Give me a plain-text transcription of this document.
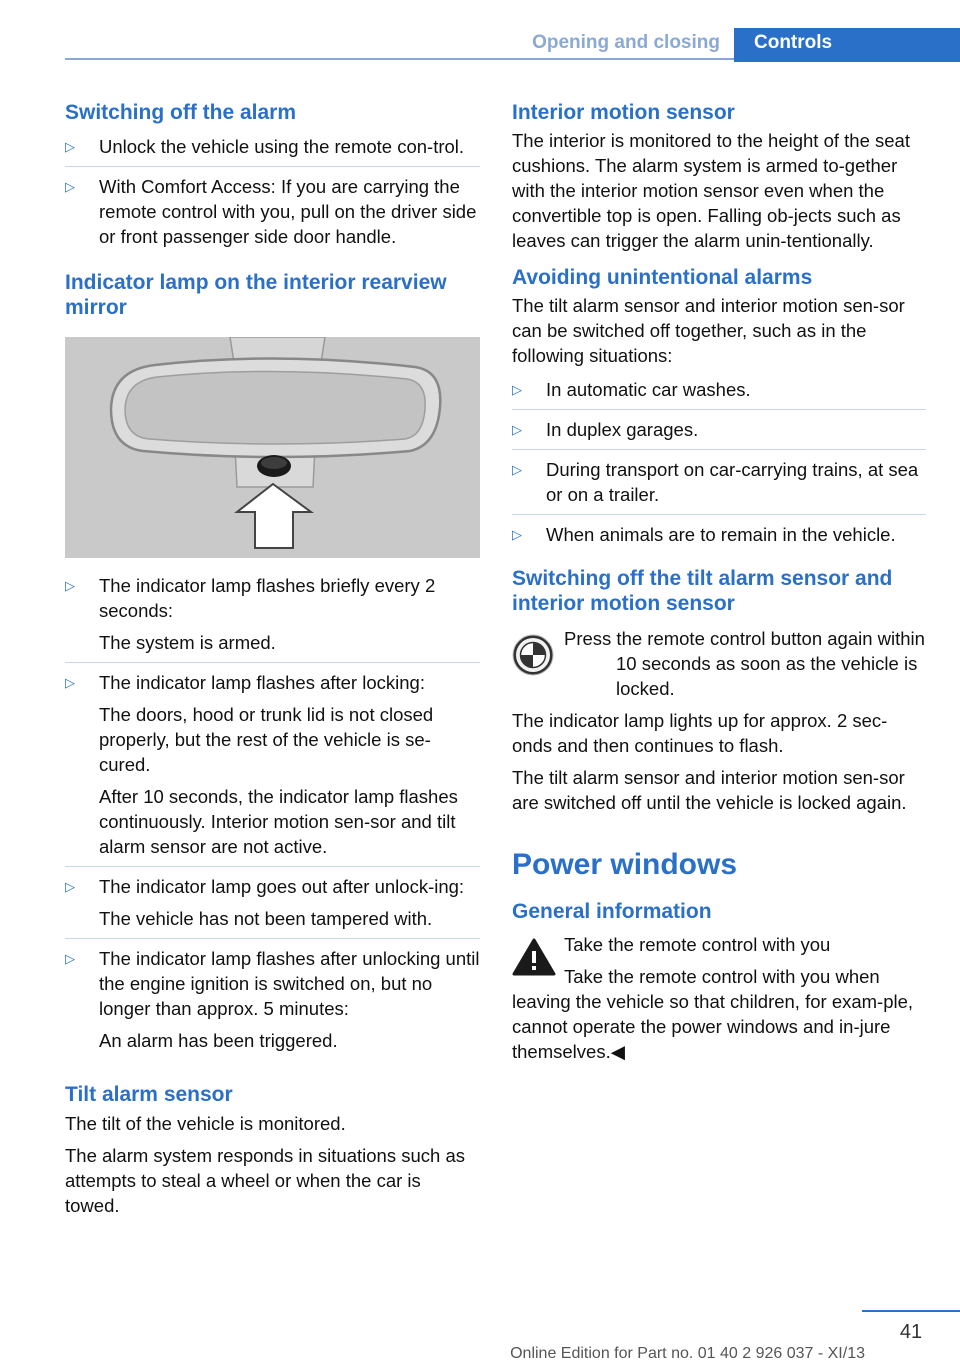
Opening and closing	Controls
Switching off the alarm
▷	Unlock the vehicle using the remote con‐trol.

▷	With Comfort Access: If you are carrying the remote control with you, pull on the driver side or front passenger side door handle.

Indicator lamp on the interior rearview mirror
▷	The indicator lamp flashes briefly every 2 seconds:

The system is armed.

▷	The indicator lamp flashes after locking:

The doors, hood or trunk lid is not closed properly, but the rest of the vehicle is se‐cured.

After 10 seconds, the indicator lamp flashes continuously. Interior motion sen‐sor and tilt alarm sensor are not active.

▷	The indicator lamp goes out after unlock‐ing:

The vehicle has not been tampered with.

▷	The indicator lamp flashes after unlocking until the engine ignition is switched on, but no longer than approx. 5 minutes:

An alarm has been triggered.

Tilt alarm sensor

The tilt of the vehicle is monitored.

The alarm system responds in situations such as attempts to steal a wheel or when the car is towed.

Interior motion sensor

The interior is monitored to the height of the seat cushions. The alarm system is armed to‐gether with the interior motion sensor even when the convertible top is open. Falling ob‐jects such as leaves can trigger the alarm unin‐tentionally.

Avoiding unintentional alarms

The tilt alarm sensor and interior motion sen‐sor can be switched off together, such as in the following situations:

▷	In automatic car washes.

▷	In duplex garages.

▷	During transport on car-carrying trains, at sea or on a trailer.

▷	When animals are to remain in the vehicle.

Switching off the tilt alarm sensor and interior motion sensor

Press the remote control button again within 10 seconds as soon as the vehicle is locked.

The indicator lamp lights up for approx. 2 sec‐onds and then continues to flash.

The tilt alarm sensor and interior motion sen‐sor are switched off until the vehicle is locked again.

Power windows
General information

Take the remote control with you

Take the remote control with you when leaving the vehicle so that children, for exam‐ple, cannot operate the power windows and in‐jure themselves.◀

41
Online Edition for Part no. 01 40 2 926 037 - XI/13
